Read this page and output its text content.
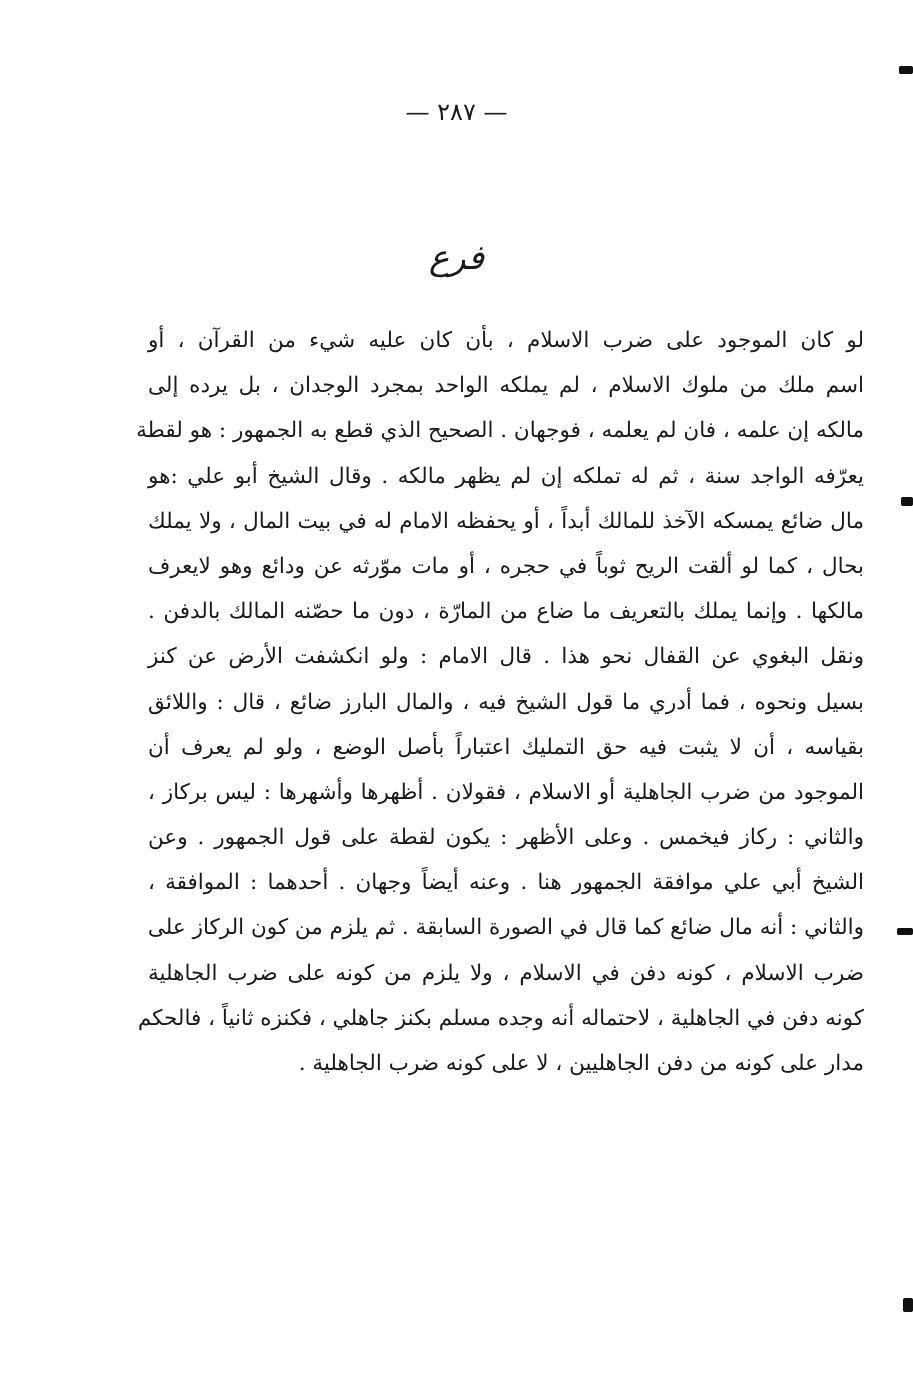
— ٢٨٧ —
فرع
لو كان الموجود على ضرب الاسلام ، بأن كان عليه شيء من القرآن ، أو
اسم ملك من ملوك الاسلام ، لم يملكه الواحد بمجرد الوجدان ، بل يرده إلى
مالكه إن علمه ، فان لم يعلمه ، فوجهان . الصحيح الذي قطع به الجمهور : هو لقطة
يعرّفه الواجد سنة ، ثم له تملكه إن لم يظهر مالكه . وقال الشيخ أبو علي :هو
مال ضائع يمسكه الآخذ للمالك أبداً ، أو يحفظه الامام له في بيت المال ، ولا يملك
بحال ، كما لو ألقت الريح ثوباً في حجره ، أو مات موّرثه عن ودائع وهو لايعرف
مالكها . وإنما يملك بالتعريف ما ضاع من المارّة ، دون ما حصّنه المالك بالدفن .
ونقل البغوي عن القفال نحو هذا . قال الامام : ولو انكشفت الأرض عن كنز
بسيل ونحوه ، فما أدري ما قول الشيخ فيه ، والمال البارز ضائع ، قال : واللائق
بقياسه ، أن لا يثبت فيه حق التمليك اعتباراً بأصل الوضع ، ولو لم يعرف أن
الموجود من ضرب الجاهلية أو الاسلام ، فقولان . أظهرها وأشهرها : ليس بركاز ،
والثاني : ركاز فيخمس . وعلى الأظهر : يكون لقطة على قول الجمهور . وعن
الشيخ أبي علي موافقة الجمهور هنا . وعنه أيضاً وجهان . أحدهما : الموافقة ،
والثاني : أنه مال ضائع كما قال في الصورة السابقة . ثم يلزم من كون الركاز على
ضرب الاسلام ، كونه دفن في الاسلام ، ولا يلزم من كونه على ضرب الجاهلية
كونه دفن في الجاهلية ، لاحتماله أنه وجده مسلم بكنز جاهلي ، فكنزه ثانياً ، فالحكم
مدار على كونه من دفن الجاهليين ، لا على كونه ضرب الجاهلية .
